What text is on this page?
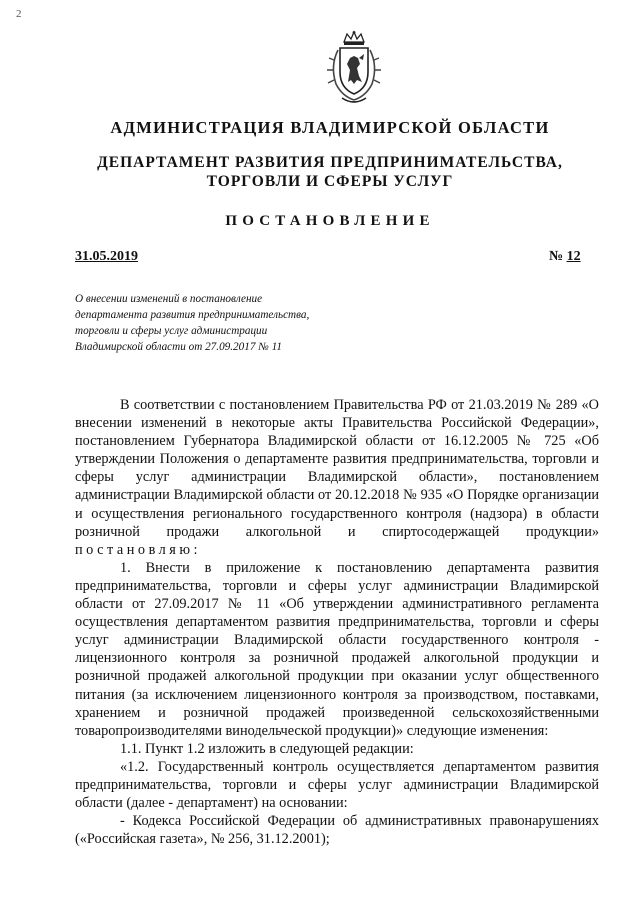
2
АДМИНИСТРАЦИЯ ВЛАДИМИРСКОЙ ОБЛАСТИ
ДЕПАРТАМЕНТ РАЗВИТИЯ ПРЕДПРИНИМАТЕЛЬСТВА,
ТОРГОВЛИ И СФЕРЫ УСЛУГ
ПОСТАНОВЛЕНИЕ
31.05.2019	№ 12
О внесении изменений в постановление
департамента развития предпринимательства,
торговли и сферы услуг администрации
Владимирской области от 27.09.2017 № 11

В соответствии с постановлением Правительства РФ от 21.03.2019 № 289 «О внесении изменений в некоторые акты Правительства Российской Федерации», постановлением Губернатора Владимирской области от 16.12.2005 № 725 «Об утверждении Положения о департаменте развития предпринимательства, торговли и сферы услуг администрации Владимирской области», постановлением администрации Владимирской области от 20.12.2018 № 935 «О Порядке организации и осуществления регионального государственного контроля (надзора) в области розничной продажи алкогольной и спиртосодержащей продукции» постановляю:

1. Внести в приложение к постановлению департамента развития предпринимательства, торговли и сферы услуг администрации Владимирской области от 27.09.2017 № 11 «Об утверждении административного регламента осуществления департаментом развития предпринимательства, торговли и сферы услуг администрации Владимирской области государственного контроля - лицензионного контроля за розничной продажей алкогольной продукции и розничной продажей алкогольной продукции при оказании услуг общественного питания (за исключением лицензионного контроля за производством, поставками, хранением и розничной продажей произведенной сельскохозяйственными товаропроизводителями винодельческой продукции)» следующие изменения:

1.1. Пункт 1.2 изложить в следующей редакции:

«1.2. Государственный контроль осуществляется департаментом развития предпринимательства, торговли и сферы услуг администрации Владимирской области (далее - департамент) на основании:

- Кодекса Российской Федерации об административных правонарушениях («Российская газета», № 256, 31.12.2001);
